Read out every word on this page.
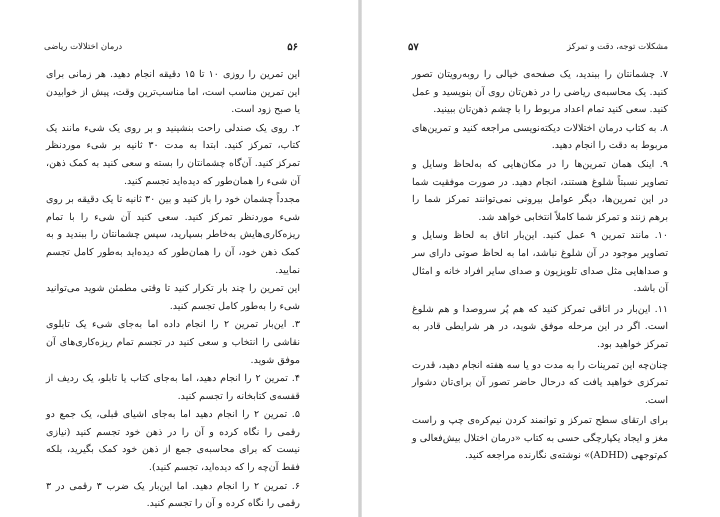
۵۶
درمان اختلالات ریاضی

این تمرین را روزی ۱۰ تا ۱۵ دقیقه انجام دهید. هر زمانی برای این تمرین مناسب است، اما مناسب‌ترین وقت، پیش از خوابیدن یا صبح زود است.

۲. روی یک صندلی راحت بنشینید و بر روی یک شیء مانند یک کتاب، تمرکز کنید. ابتدا به مدت ۳۰ ثانیه بر شیء موردنظر تمرکز کنید. آن‌گاه چشمانتان را بسته و سعی کنید به کمک ذهن، آن شیء را همان‌طور که دیده‌اید تجسم کنید.

مجدداً چشمان خود را باز کنید و بین ۳۰ ثانیه تا یک دقیقه بر روی شیء موردنظر تمرکز کنید. سعی کنید آن شیء را با تمام ریزه‌کاری‌هایش به‌خاطر بسپارید، سپس چشمانتان را ببندید و به کمک ذهن خود، آن را همان‌طور که دیده‌اید به‌طور کامل تجسم نمایید.

این تمرین را چند بار تکرار کنید تا وقتی مطمئن شوید می‌توانید شیء را به‌طور کامل تجسم کنید.

۳. این‌بار تمرین ۲ را انجام داده اما به‌جای شیء یک تابلوی نقاشی را انتخاب و سعی کنید در تجسم تمام ریزه‌کاری‌های آن موفق شوید.

۴. تمرین ۲ را انجام دهید، اما به‌جای کتاب یا تابلو، یک ردیف از قفسه‌ی کتابخانه را تجسم کنید.

۵. تمرین ۲ را انجام دهید اما به‌جای اشیای قبلی، یک جمع دو رقمی را نگاه کرده و آن را در ذهن خود تجسم کنید (نیازی نیست که برای محاسبه‌ی جمع از ذهن خود کمک بگیرید، بلکه فقط آن‌چه را که دیده‌اید، تجسم کنید).

۶. تمرین ۲ را انجام دهید. اما این‌بار یک ضرب ۳ رقمی در ۳ رقمی را نگاه کرده و آن را تجسم کنید.

مشکلات توجه، دقت و تمرکز
۵۷

۷. چشمانتان را ببندید، یک صفحه‌ی خیالی را روبه‌رویتان تصور کنید. یک محاسبه‌ی ریاضی را در ذهن‌تان روی آن بنویسید و عمل کنید. سعی کنید تمام اعداد مربوط را با چشم ذهن‌تان ببینید.

۸. به کتاب درمان اختلالات دیکته‌نویسی مراجعه کنید و تمرین‌های مربوط به دقت را انجام دهید.

۹. اینک همان تمرین‌ها را در مکان‌هایی که به‌لحاظ وسایل و تصاویر نسبتاً شلوغ هستند، انجام دهید. در صورت موفقیت شما در این تمرین‌ها، دیگر عوامل بیرونی نمی‌توانند تمرکز شما را برهم زنند و تمرکز شما کاملاً انتخابی خواهد شد.

۱۰. مانند تمرین ۹ عمل کنید. این‌بار اتاق به لحاظ وسایل و تصاویر موجود در آن شلوغ نباشد، اما به لحاظ صوتی دارای سر و صداهایی مثل صدای تلویزیون و صدای سایر افراد خانه و امثال آن باشد.

۱۱. این‌بار در اتاقی تمرکز کنید که هم پُر سروصدا و هم شلوغ است. اگر در این مرحله موفق شوید، در هر شرایطی قادر به تمرکز خواهید بود.

چنان‌چه این تمرینات را به مدت دو یا سه هفته انجام دهید، قدرت تمرکزی خواهید یافت که درحال حاضر تصور آن برای‌تان دشوار است.

برای ارتقای سطح تمرکز و توانمند کردن نیم‌کره‌ی چپ و راست مغز و ایجاد یکپارچگی حسی به کتاب «درمان اختلال بیش‌فعالی و کم‌توجهی (ADHD)» نوشته‌ی نگارنده مراجعه کنید.
